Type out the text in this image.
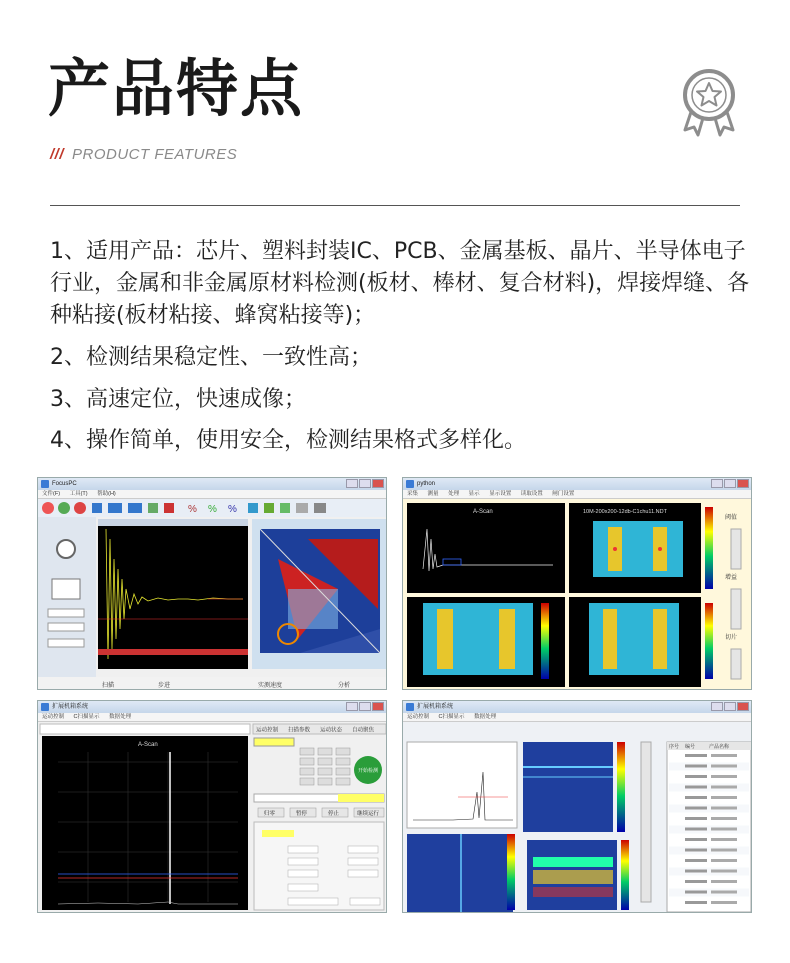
产品特点
/// PRODUCT FEATURES

1、适用产品：芯片、塑料封装IC、PCB、金属基板、晶片、半导体电子行业，金属和非金属原材料检测(板材、棒材、复合材料)，焊接焊缝、各种粘接(板材粘接、蜂窝粘接等)；

2、检测结果稳定性、一致性高；

3、高速定位，快速成像；

4、操作简单，使用安全，检测结果格式多样化。

FocusPC
文件(F) 工具(T) 帮助(H)
% % %
扫描	步进	实测速度	分析
python
采集 测量 处理 显示 显示设置 读取设置 闸门设置
A-Scan	10M-200x200-12db-C1chu11.NDT
阈值
增益
切片
扩展机箱系统
运动控制 C扫描显示 数据处理
A-Scan
运动控制 扫描参数 运动状态 自动聚焦
开始检测
归零	暂停	停止	继续运行
扩展机箱系统
运动控制 C扫描显示 数据处理
序号 编号	产品名称
